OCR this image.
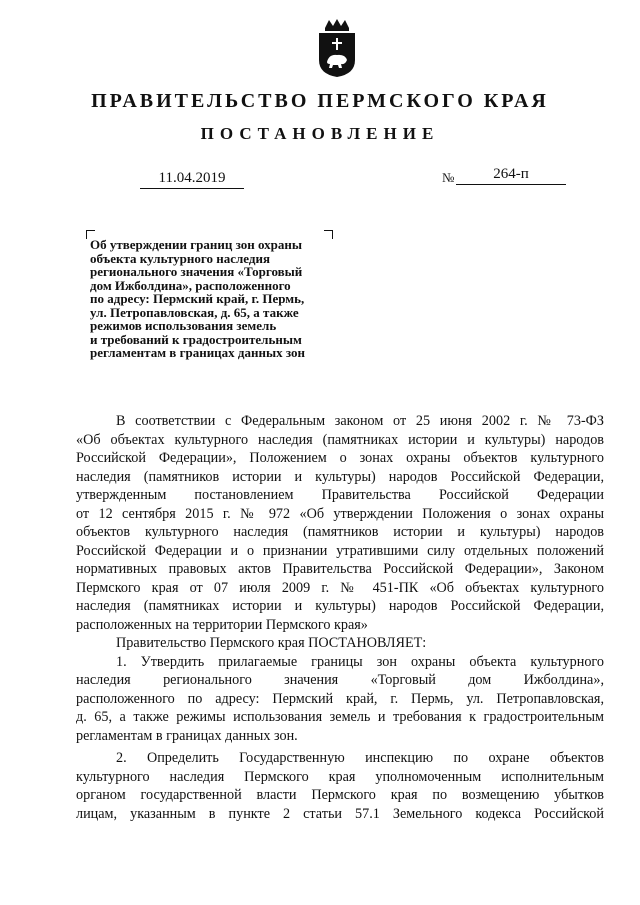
ПРАВИТЕЛЬСТВО ПЕРМСКОГО КРАЯ
ПОСТАНОВЛЕНИЕ
11.04.2019	№	264-п
Об утверждении границ зон охраны
объекта культурного наследия
регионального значения «Торговый
дом Ижболдина», расположенного
по адресу: Пермский край, г. Пермь,
ул. Петропавловская, д. 65, а также
режимов использования земель
и требований к градостроительным
регламентам в границах данных зон

В соответствии с Федеральным законом от 25 июня 2002 г. № 73-ФЗ
«Об объектах культурного наследия (памятниках истории и культуры) народов
Российской Федерации», Положением о зонах охраны объектов культурного
наследия (памятников истории и культуры) народов Российской Федерации,
утвержденным постановлением Правительства Российской Федерации
от 12 сентября 2015 г. № 972 «Об утверждении Положения о зонах охраны
объектов культурного наследия (памятников истории и культуры) народов
Российской Федерации и о признании утратившими силу отдельных положений
нормативных правовых актов Правительства Российской Федерации», Законом
Пермского края от 07 июля 2009 г. № 451-ПК «Об объектах культурного
наследия (памятниках истории и культуры) народов Российской Федерации,
расположенных на территории Пермского края»

Правительство Пермского края ПОСТАНОВЛЯЕТ:

1. Утвердить прилагаемые границы зон охраны объекта культурного
наследия регионального значения «Торговый дом Ижболдина»,
расположенного по адресу: Пермский край, г. Пермь, ул. Петропавловская,
д. 65, а также режимы использования земель и требования к градостроительным
регламентам в границах данных зон.

2. Определить Государственную инспекцию по охране объектов
культурного наследия Пермского края уполномоченным исполнительным
органом государственной власти Пермского края по возмещению убытков
лицам, указанным в пункте 2 статьи 57.1 Земельного кодекса Российской
